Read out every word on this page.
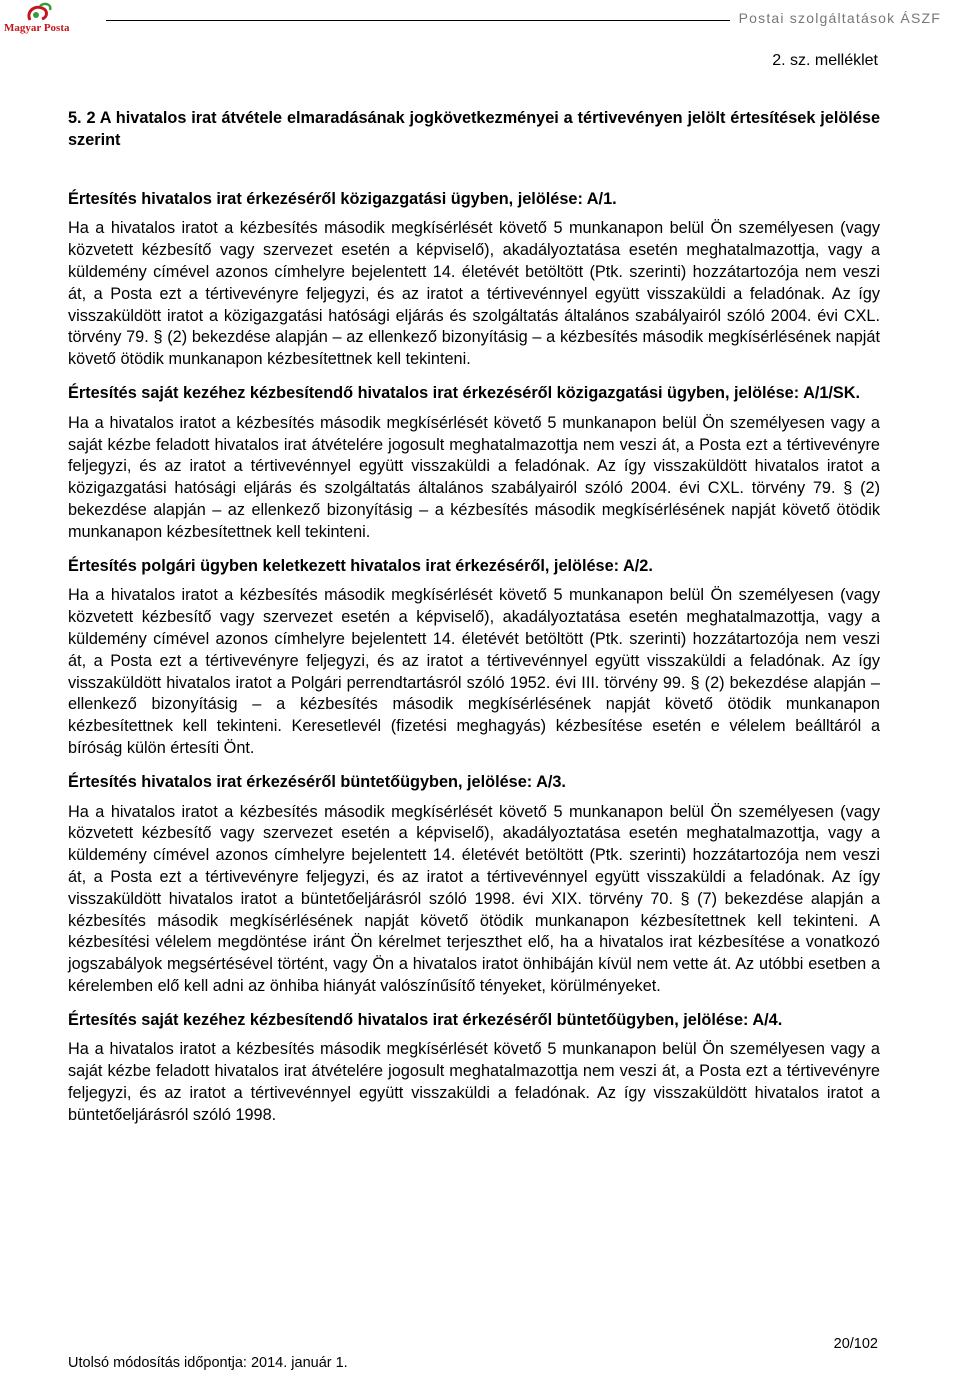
Magyar Posta
Postai szolgáltatások ÁSZF
2. sz. melléklet

5. 2 A hivatalos irat átvétele elmaradásának jogkövetkezményei a tértivevényen jelölt értesítések jelölése szerint

Értesítés hivatalos irat érkezéséről közigazgatási ügyben, jelölése: A/1.

Ha a hivatalos iratot a kézbesítés második megkísérlését követő 5 munkanapon belül Ön személyesen (vagy közvetett kézbesítő vagy szervezet esetén a képviselő), akadályoztatása esetén meghatalmazottja, vagy a küldemény címével azonos címhelyre bejelentett 14. életévét betöltött (Ptk. szerinti) hozzátartozója nem veszi át, a Posta ezt a tértivevényre feljegyzi, és az iratot a tértivevénnyel együtt visszaküldi a feladónak. Az így visszaküldött iratot a közigazgatási hatósági eljárás és szolgáltatás általános szabályairól szóló 2004. évi CXL. törvény 79. § (2) bekezdése alapján – az ellenkező bizonyításig – a kézbesítés második megkísérlésének napját követő ötödik munkanapon kézbesítettnek kell tekinteni.

Értesítés saját kezéhez kézbesítendő hivatalos irat érkezéséről közigazgatási ügyben, jelölése: A/1/SK.

Ha a hivatalos iratot a kézbesítés második megkísérlését követő 5 munkanapon belül Ön személyesen vagy a saját kézbe feladott hivatalos irat átvételére jogosult meghatalmazottja nem veszi át, a Posta ezt a tértivevényre feljegyzi, és az iratot a tértivevénnyel együtt visszaküldi a feladónak. Az így visszaküldött hivatalos iratot a közigazgatási hatósági eljárás és szolgáltatás általános szabályairól szóló 2004. évi CXL. törvény 79. § (2) bekezdése alapján – az ellenkező bizonyításig – a kézbesítés második megkísérlésének napját követő ötödik munkanapon kézbesítettnek kell tekinteni.

Értesítés polgári ügyben keletkezett hivatalos irat érkezéséről, jelölése: A/2.

Ha a hivatalos iratot a kézbesítés második megkísérlését követő 5 munkanapon belül Ön személyesen (vagy közvetett kézbesítő vagy szervezet esetén a képviselő), akadályoztatása esetén meghatalmazottja, vagy a küldemény címével azonos címhelyre bejelentett 14. életévét betöltött (Ptk. szerinti) hozzátartozója nem veszi át, a Posta ezt a tértivevényre feljegyzi, és az iratot a tértivevénnyel együtt visszaküldi a feladónak. Az így visszaküldött hivatalos iratot a Polgári perrendtartásról szóló 1952. évi III. törvény 99. § (2) bekezdése alapján – ellenkező bizonyításig – a kézbesítés második megkísérlésének napját követő ötödik munkanapon kézbesítettnek kell tekinteni. Keresetlevél (fizetési meghagyás) kézbesítése esetén e vélelem beálltáról a bíróság külön értesíti Önt.

Értesítés hivatalos irat érkezéséről büntetőügyben, jelölése: A/3.

Ha a hivatalos iratot a kézbesítés második megkísérlését követő 5 munkanapon belül Ön személyesen (vagy közvetett kézbesítő vagy szervezet esetén a képviselő), akadályoztatása esetén meghatalmazottja, vagy a küldemény címével azonos címhelyre bejelentett 14. életévét betöltött (Ptk. szerinti) hozzátartozója nem veszi át, a Posta ezt a tértivevényre feljegyzi, és az iratot a tértivevénnyel együtt visszaküldi a feladónak. Az így visszaküldött hivatalos iratot a büntetőeljárásról szóló 1998. évi XIX. törvény 70. § (7) bekezdése alapján a kézbesítés második megkísérlésének napját követő ötödik munkanapon kézbesítettnek kell tekinteni. A kézbesítési vélelem megdöntése iránt Ön kérelmet terjeszthet elő, ha a hivatalos irat kézbesítése a vonatkozó jogszabályok megsértésével történt, vagy Ön a hivatalos iratot önhibáján kívül nem vette át. Az utóbbi esetben a kérelemben elő kell adni az önhiba hiányát valószínűsítő tényeket, körülményeket.

Értesítés saját kezéhez kézbesítendő hivatalos irat érkezéséről büntetőügyben, jelölése: A/4.

Ha a hivatalos iratot a kézbesítés második megkísérlését követő 5 munkanapon belül Ön személyesen vagy a saját kézbe feladott hivatalos irat átvételére jogosult meghatalmazottja nem veszi át, a Posta ezt a tértivevényre feljegyzi, és az iratot a tértivevénnyel együtt visszaküldi a feladónak. Az így visszaküldött hivatalos iratot a büntetőeljárásról szóló 1998.

20/102
Utolsó módosítás időpontja: 2014. január 1.
